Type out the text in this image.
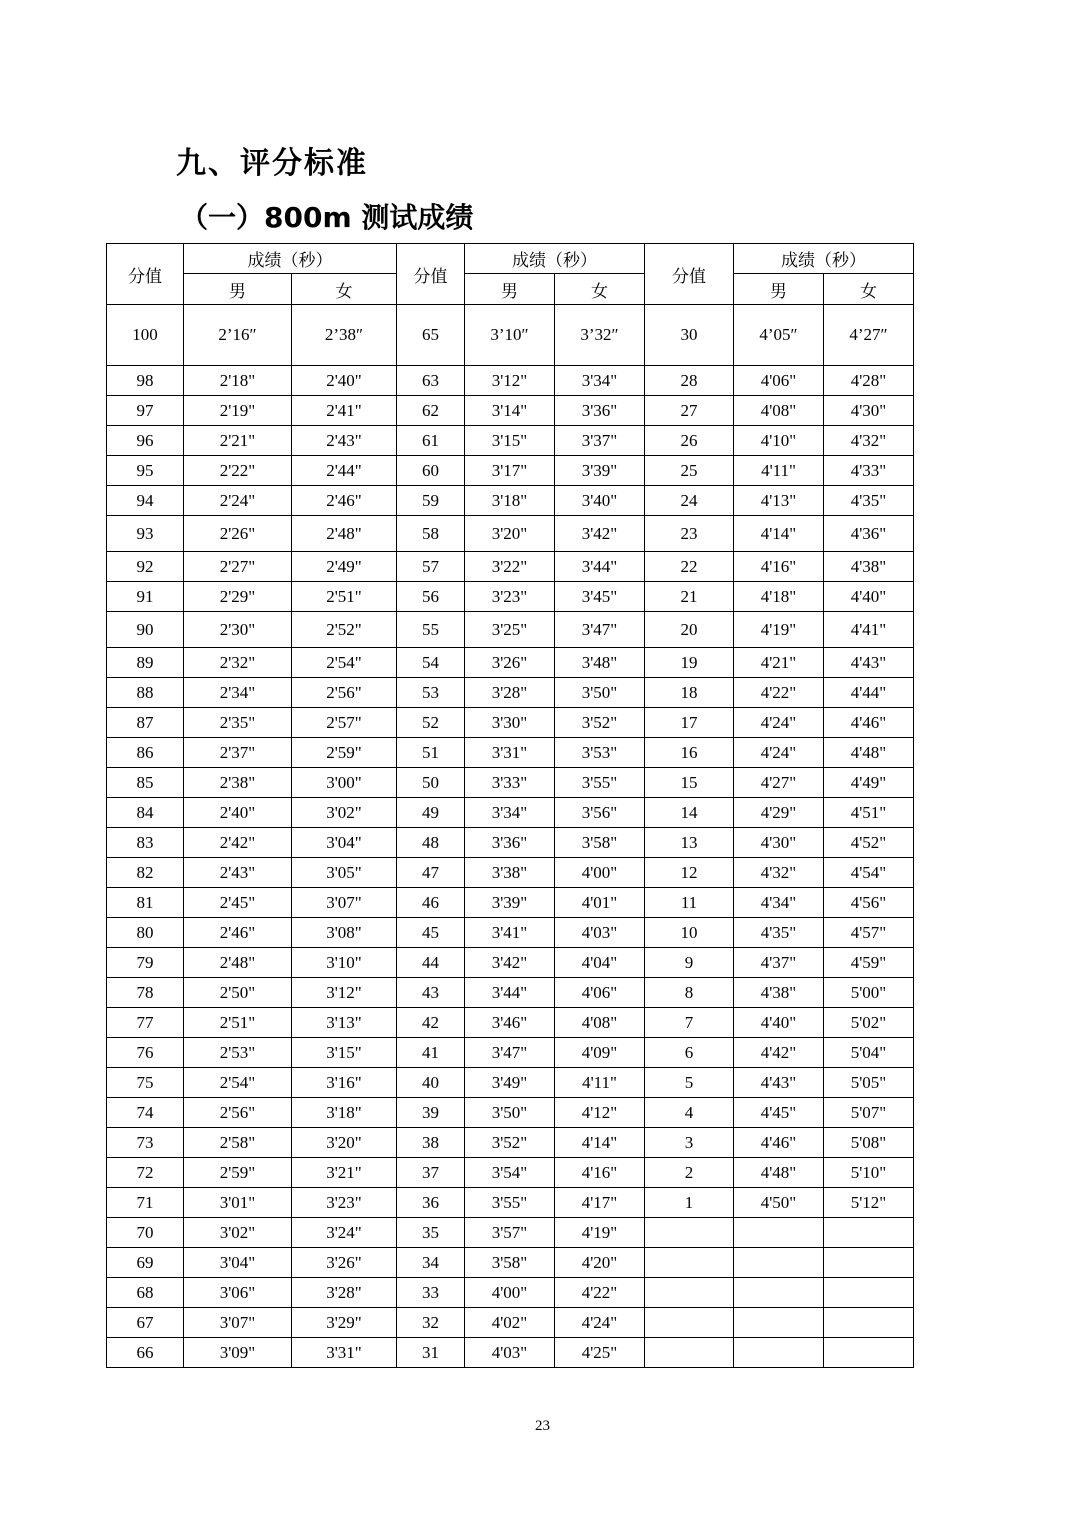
九、评分标准
（一）800m 测试成绩
分值	成绩（秒）		分值	成绩（秒）		分值	成绩（秒）	
	男	女		男	女		男	女
100	2’16″	2’38″	65	3’10″	3’32″	30	4’05″	4’27″
98	2'18"	2'40"	63	3'12"	3'34"	28	4'06"	4'28"
97	2'19"	2'41"	62	3'14"	3'36"	27	4'08"	4'30"
96	2'21"	2'43"	61	3'15"	3'37"	26	4'10"	4'32"
95	2'22"	2'44"	60	3'17"	3'39"	25	4'11"	4'33"
94	2'24"	2'46"	59	3'18"	3'40"	24	4'13"	4'35"
93	2'26"	2'48"	58	3'20"	3'42"	23	4'14"	4'36"
92	2'27"	2'49"	57	3'22"	3'44"	22	4'16"	4'38"
91	2'29"	2'51"	56	3'23"	3'45"	21	4'18"	4'40"
90	2'30"	2'52"	55	3'25"	3'47"	20	4'19"	4'41"
89	2'32"	2'54"	54	3'26"	3'48"	19	4'21"	4'43"
88	2'34"	2'56"	53	3'28"	3'50"	18	4'22"	4'44"
87	2'35"	2'57"	52	3'30"	3'52"	17	4'24"	4'46"
86	2'37"	2'59"	51	3'31"	3'53"	16	4'24"	4'48"
85	2'38"	3'00"	50	3'33"	3'55"	15	4'27"	4'49"
84	2'40"	3'02"	49	3'34"	3'56"	14	4'29"	4'51"
83	2'42"	3'04"	48	3'36"	3'58"	13	4'30"	4'52"
82	2'43"	3'05"	47	3'38"	4'00"	12	4'32"	4'54"
81	2'45"	3'07"	46	3'39"	4'01"	11	4'34"	4'56"
80	2'46"	3'08"	45	3'41"	4'03"	10	4'35"	4'57"
79	2'48"	3'10"	44	3'42"	4'04"	9	4'37"	4'59"
78	2'50"	3'12"	43	3'44"	4'06"	8	4'38"	5'00"
77	2'51"	3'13"	42	3'46"	4'08"	7	4'40"	5'02"
76	2'53"	3'15"	41	3'47"	4'09"	6	4'42"	5'04"
75	2'54"	3'16"	40	3'49"	4'11"	5	4'43"	5'05"
74	2'56"	3'18"	39	3'50"	4'12"	4	4'45"	5'07"
73	2'58"	3'20"	38	3'52"	4'14"	3	4'46"	5'08"
72	2'59"	3'21"	37	3'54"	4'16"	2	4'48"	5'10"
71	3'01"	3'23"	36	3'55"	4'17"	1	4'50"	5'12"
70	3'02"	3'24"	35	3'57"	4'19"			
69	3'04"	3'26"	34	3'58"	4'20"			
68	3'06"	3'28"	33	4'00"	4'22"			
67	3'07"	3'29"	32	4'02"	4'24"			
66	3'09"	3'31"	31	4'03"	4'25"			
23
